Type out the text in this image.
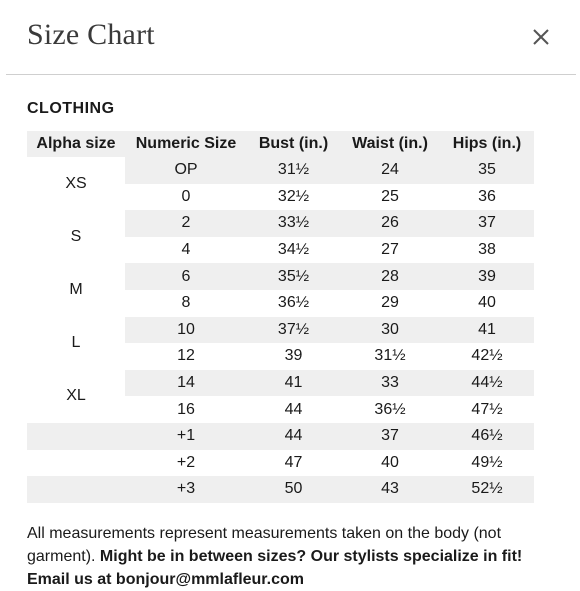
Size Chart
CLOTHING
Alpha size	Numeric Size	Bust (in.)	Waist (in.)	Hips (in.)
XS	OP	31½	24	35
	0	32½	25	36
S	2	33½	26	37
	4	34½	27	38
M	6	35½	28	39
	8	36½	29	40
L	10	37½	30	41
	12	39	31½	42½
XL	14	41	33	44½
	16	44	36½	47½
	+1	44	37	46½
	+2	47	40	49½
	+3	50	43	52½
All measurements represent measurements taken on the body (not garment). Might be in between sizes? Our stylists specialize in fit! Email us at bonjour@mmlafleur.com
